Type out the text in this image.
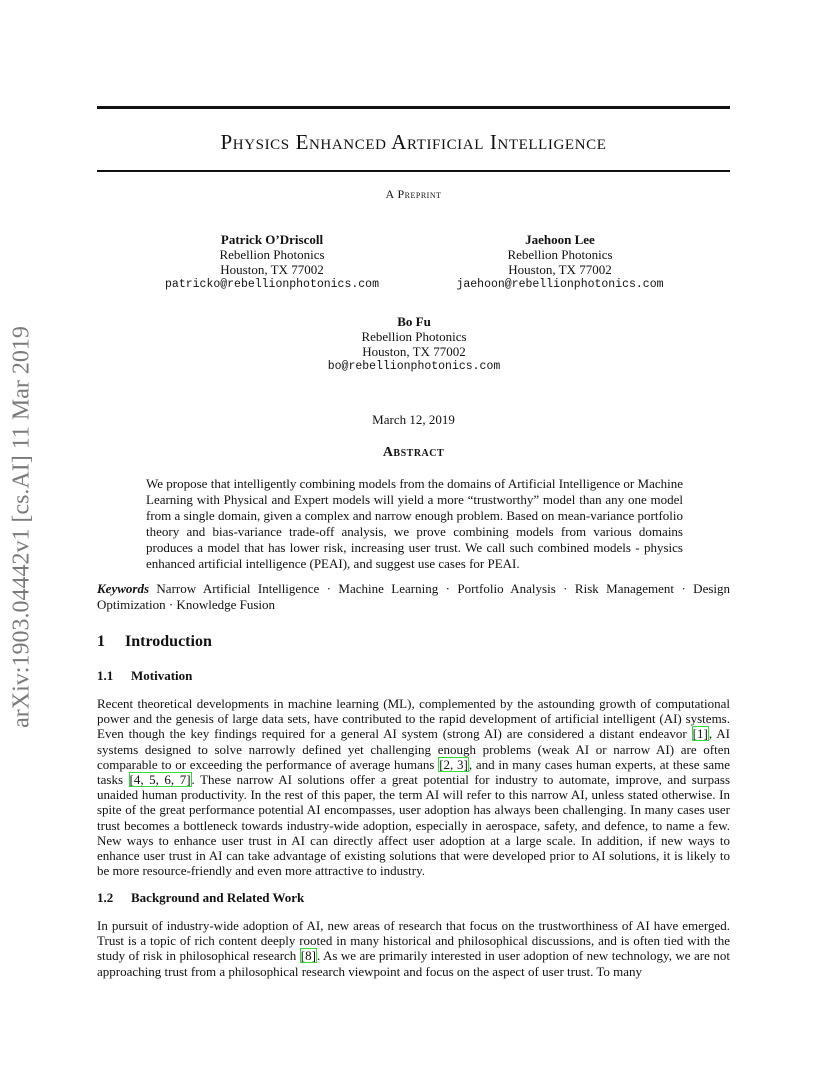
arXiv:1903.04442v1 [cs.AI] 11 Mar 2019
Physics Enhanced Artificial Intelligence
A Preprint
Patrick O’Driscoll
Rebellion Photonics
Houston, TX 77002
patricko@rebellionphotonics.com
Jaehoon Lee
Rebellion Photonics
Houston, TX 77002
jaehoon@rebellionphotonics.com
Bo Fu
Rebellion Photonics
Houston, TX 77002
bo@rebellionphotonics.com
March 12, 2019
Abstract
We propose that intelligently combining models from the domains of Artificial Intelligence or Machine Learning with Physical and Expert models will yield a more “trustworthy” model than any one model from a single domain, given a complex and narrow enough problem. Based on mean-variance portfolio theory and bias-variance trade-off analysis, we prove combining models from various domains produces a model that has lower risk, increasing user trust. We call such combined models - physics enhanced artificial intelligence (PEAI), and suggest use cases for PEAI.
Keywords Narrow Artificial Intelligence · Machine Learning · Portfolio Analysis · Risk Management · Design Optimization · Knowledge Fusion
1 Introduction
1.1 Motivation
Recent theoretical developments in machine learning (ML), complemented by the astounding growth of computational power and the genesis of large data sets, have contributed to the rapid development of artificial intelligent (AI) systems. Even though the key findings required for a general AI system (strong AI) are considered a distant endeavor [1], AI systems designed to solve narrowly defined yet challenging enough problems (weak AI or narrow AI) are often comparable to or exceeding the performance of average humans [2, 3], and in many cases human experts, at these same tasks [4, 5, 6, 7]. These narrow AI solutions offer a great potential for industry to automate, improve, and surpass unaided human productivity. In the rest of this paper, the term AI will refer to this narrow AI, unless stated otherwise. In spite of the great performance potential AI encompasses, user adoption has always been challenging. In many cases user trust becomes a bottleneck towards industry-wide adoption, especially in aerospace, safety, and defence, to name a few. New ways to enhance user trust in AI can directly affect user adoption at a large scale. In addition, if new ways to enhance user trust in AI can take advantage of existing solutions that were developed prior to AI solutions, it is likely to be more resource-friendly and even more attractive to industry.
1.2 Background and Related Work
In pursuit of industry-wide adoption of AI, new areas of research that focus on the trustworthiness of AI have emerged. Trust is a topic of rich content deeply rooted in many historical and philosophical discussions, and is often tied with the study of risk in philosophical research [8]. As we are primarily interested in user adoption of new technology, we are not approaching trust from a philosophical research viewpoint and focus on the aspect of user trust. To many
